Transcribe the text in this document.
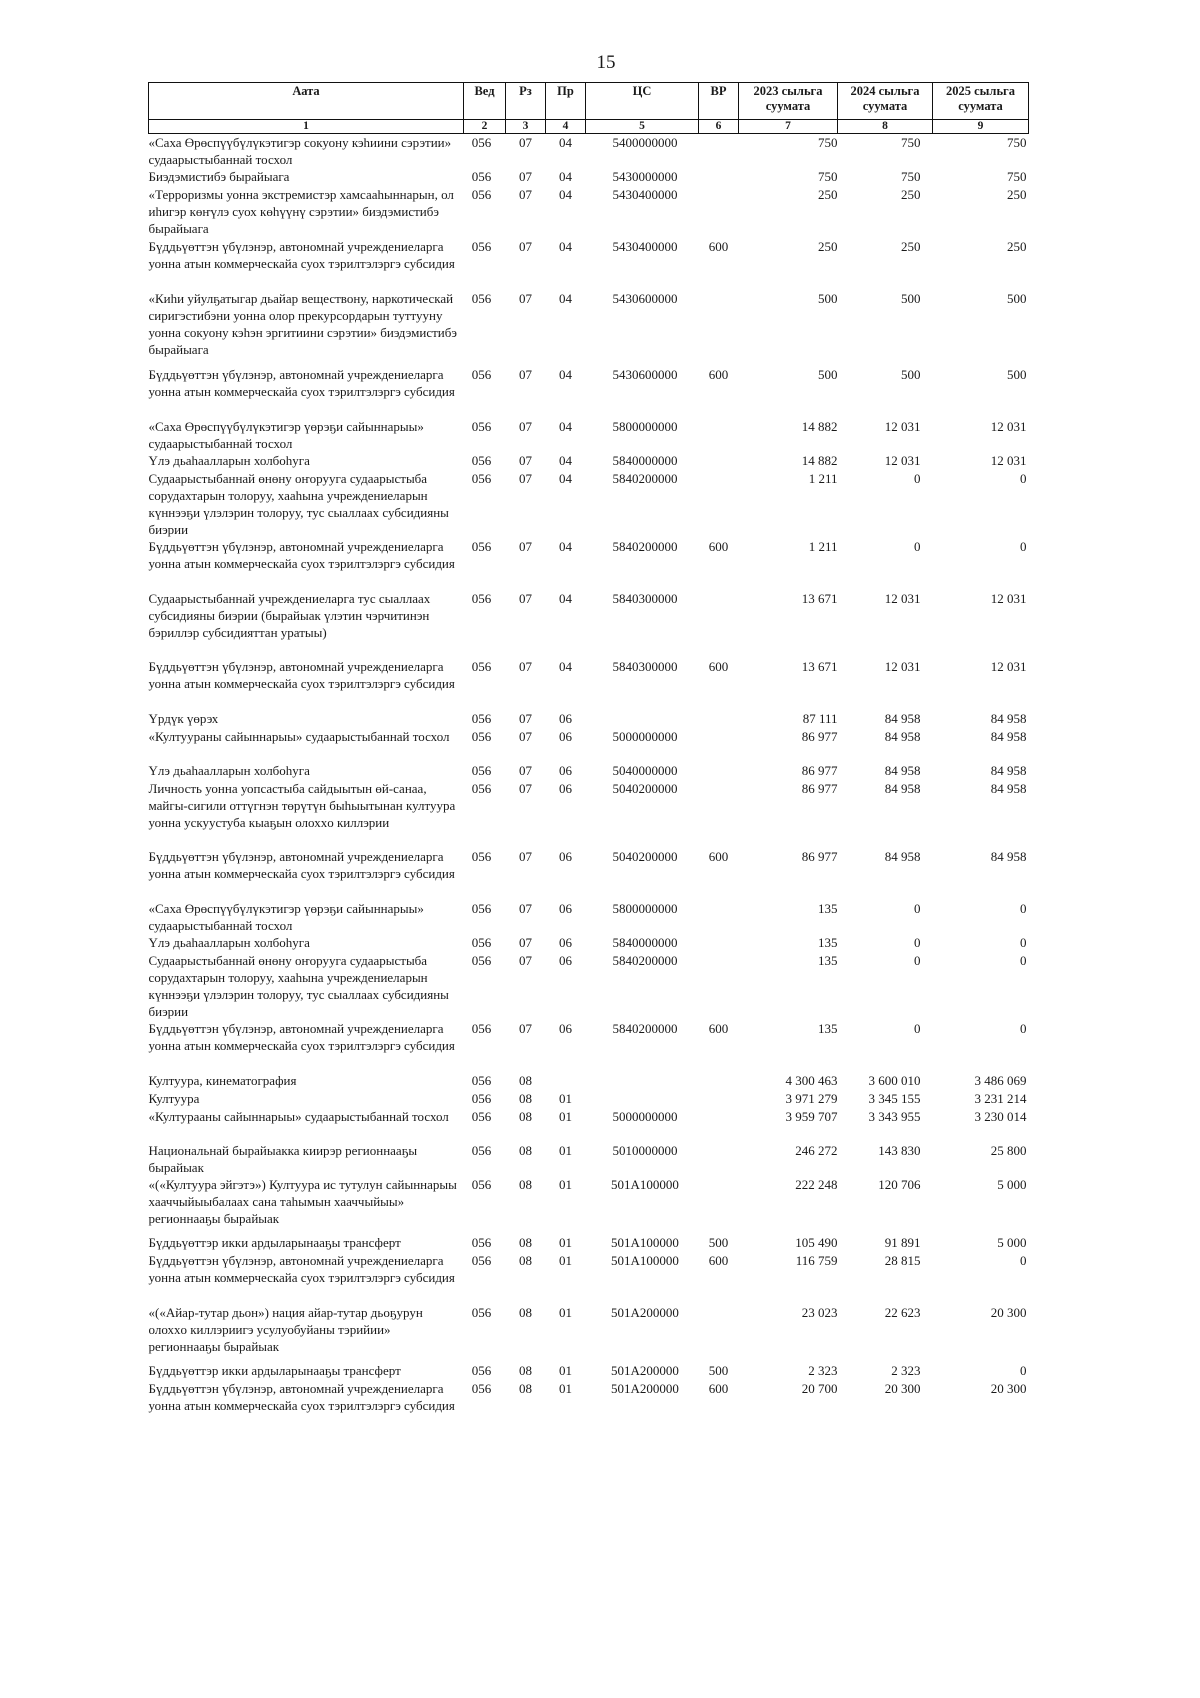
15
Аата	Вед	Рз	Пр	ЦС	ВР	2023 сыльга суумата	2024 сыльга суумата	2025 сыльга суумата
1	2	3	4	5	6	7	8	9
«Саха Өрөспүүбүлүкэтигэр сокуону кэһиини сэрэтии» судаарыстыбаннай тосхол	056	07	04	5400000000		750	750	750
Биэдэмистибэ бырайыага	056	07	04	5430000000		750	750	750
«Терроризмы уонна экстремистэр хамсааһыннарын, ол иһигэр көҥүлэ суох көһүүнү сэрэтии» биэдэмистибэ бырайыага	056	07	04	5430400000		250	250	250
Бүддьүөттэн үбүлэнэр, автономнай учреждениеларга уонна атын коммерческайа суох тэрилтэлэргэ субсидия	056	07	04	5430400000	600	250	250	250
«Киһи уйулҕатыгар дьайар веществону, наркотическай сиригэстибэни уонна олор прекурсордарын туттууну уонна сокуону кэһэн эргитиини сэрэтии» биэдэмистибэ бырайыага	056	07	04	5430600000		500	500	500
Бүддьүөттэн үбүлэнэр, автономнай учреждениеларга уонна атын коммерческайа суох тэрилтэлэргэ субсидия	056	07	04	5430600000	600	500	500	500
«Саха Өрөспүүбүлүкэтигэр үөрэҕи сайыннарыы» судаарыстыбаннай тосхол	056	07	04	5800000000		14 882	12 031	12 031
Үлэ дьаһаалларын холбоһуга	056	07	04	5840000000		14 882	12 031	12 031
Судаарыстыбаннай өнөну оҥорууга судаарыстыба сорудахтарын толоруу, хааһына учреждениеларын күннээҕи үлэлэрин толоруу, тус сыаллаах субсидияны биэрии	056	07	04	5840200000		1 211	0	0
Бүддьүөттэн үбүлэнэр, автономнай учреждениеларга уонна атын коммерческайа суох тэрилтэлэргэ субсидия	056	07	04	5840200000	600	1 211	0	0
Судаарыстыбаннай учреждениеларга тус сыаллаах субсидияны биэрии (бырайыак үлэтин чэрчитинэн бэриллэр субсидияттан уратыы)	056	07	04	5840300000		13 671	12 031	12 031
Бүддьүөттэн үбүлэнэр, автономнай учреждениеларга уонна атын коммерческайа суох тэрилтэлэргэ субсидия	056	07	04	5840300000	600	13 671	12 031	12 031
Үрдүк үөрэх	056	07	06			87 111	84 958	84 958
«Култуураны сайыннарыы» судаарыстыбаннай тосхол	056	07	06	5000000000		86 977	84 958	84 958
Үлэ дьаһаалларын холбоһуга	056	07	06	5040000000		86 977	84 958	84 958
Личность уонна уопсастыба сайдыытын өй-санаа, майгы-сигили оттүгнэн төрүтүн быһыытынан култуура уонна ускуустуба кыаҕын олохxo киллэрии	056	07	06	5040200000		86 977	84 958	84 958
Бүддьүөттэн үбүлэнэр, автономнай учреждениеларга уонна атын коммерческайа суох тэрилтэлэргэ субсидия	056	07	06	5040200000	600	86 977	84 958	84 958
«Саха Өрөспүүбүлүкэтигэр үөрэҕи сайыннарыы» судаарыстыбаннай тосхол	056	07	06	5800000000		135	0	0
Үлэ дьаһаалларын холбоһуга	056	07	06	5840000000		135	0	0
Судаарыстыбаннай өнөну оҥорууга судаарыстыба сорудахтарын толоруу, хааһына учреждениеларын күннээҕи үлэлэрин толоруу, тус сыаллаах субсидияны биэрии	056	07	06	5840200000		135	0	0
Бүддьүөттэн үбүлэнэр, автономнай учреждениеларга уонна атын коммерческайа суох тэрилтэлэргэ субсидия	056	07	06	5840200000	600	135	0	0
Култуура, кинематография	056	08				4 300 463	3 600 010	3 486 069
Култуура	056	08	01			3 971 279	3 345 155	3 231 214
«Културааны сайыннарыы» судаарыстыбаннай тосхол	056	08	01	5000000000		3 959 707	3 343 955	3 230 014
Национальнай бырайыакка киирэр регионнааҕы бырайыак	056	08	01	5010000000		246 272	143 830	25 800
«(«Култуура эйгэтэ») Култуура ис тутулун сайыннарыы хааччыйыыбалаах сана таһымын хааччыйыы» регионнааҕы бырайыак	056	08	01	501A100000		222 248	120 706	5 000
Бүддьүөттэр икки ардыларынааҕы трансферт	056	08	01	501A100000	500	105 490	91 891	5 000
Бүддьүөттэн үбүлэнэр, автономнай учреждениеларга уонна атын коммерческайа суох тэрилтэлэргэ субсидия	056	08	01	501A100000	600	116 759	28 815	0
«(«Айар-тутар дьон») нация айар-тутар дьоҕурун олохxo киллэриигэ усулуобуйаны тэрийии» регионнааҕы бырайыак	056	08	01	501A200000		23 023	22 623	20 300
Бүддьүөттэр икки ардыларынааҕы трансферт	056	08	01	501A200000	500	2 323	2 323	0
Бүддьүөттэн үбүлэнэр, автономнай учреждениеларга уонна атын коммерческайа суох тэрилтэлэргэ субсидия	056	08	01	501A200000	600	20 700	20 300	20 300
